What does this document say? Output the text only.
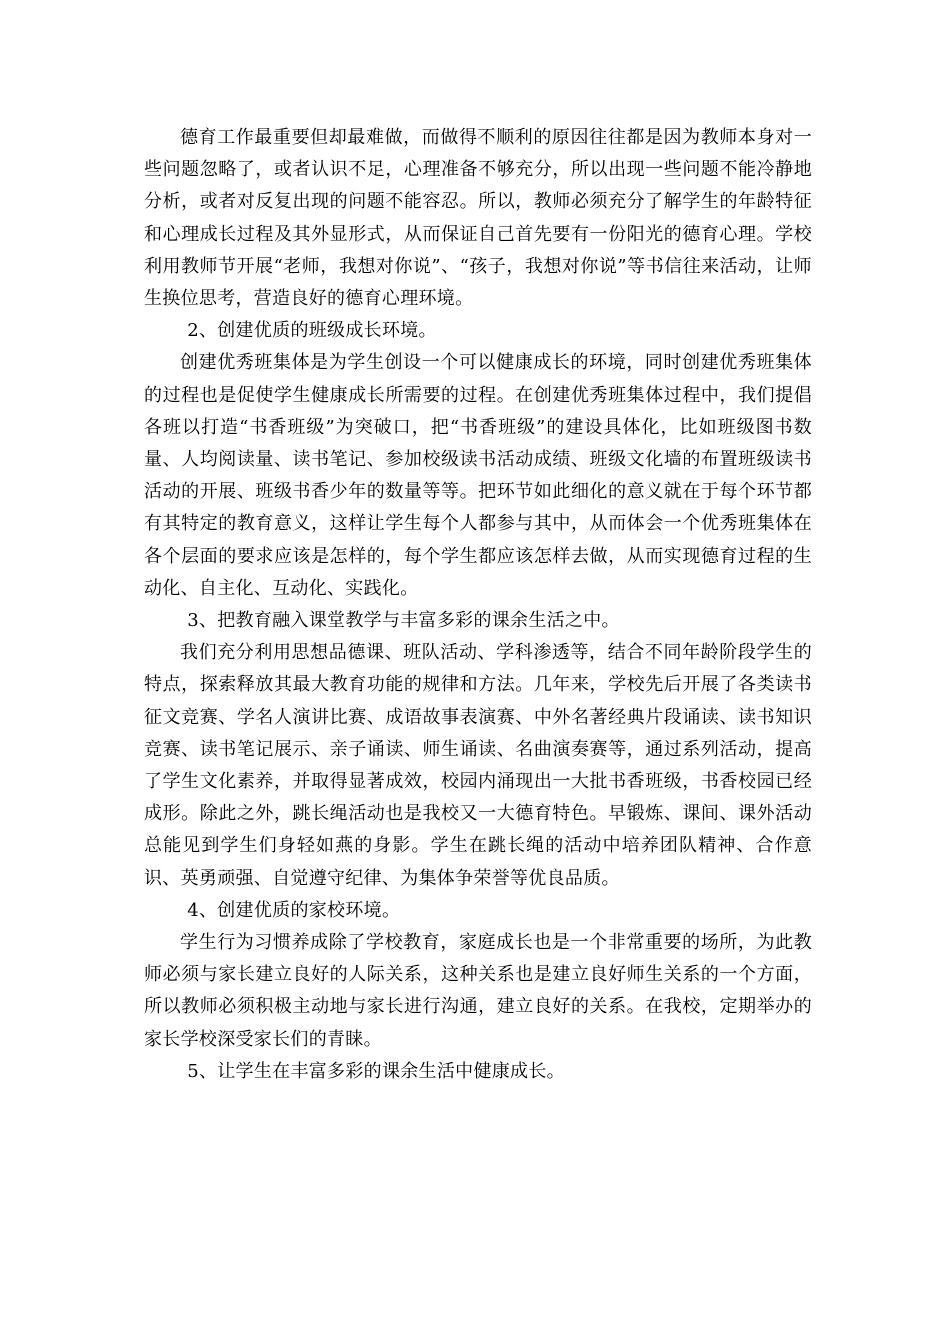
德育工作最重要但却最难做，而做得不顺利的原因往往都是因为教师本身对一些问题忽略了，或者认识不足，心理准备不够充分，所以出现一些问题不能冷静地分析，或者对反复出现的问题不能容忍。所以，教师必须充分了解学生的年龄特征和心理成长过程及其外显形式，从而保证自己首先要有一份阳光的德育心理。学校利用教师节开展“老师，我想对你说”、“孩子，我想对你说”等书信往来活动，让师生换位思考，营造良好的德育心理环境。

2、创建优质的班级成长环境。

创建优秀班集体是为学生创设一个可以健康成长的环境，同时创建优秀班集体的过程也是促使学生健康成长所需要的过程。在创建优秀班集体过程中，我们提倡各班以打造“书香班级”为突破口，把“书香班级”的建设具体化，比如班级图书数量、人均阅读量、读书笔记、参加校级读书活动成绩、班级文化墙的布置班级读书活动的开展、班级书香少年的数量等等。把环节如此细化的意义就在于每个环节都有其特定的教育意义，这样让学生每个人都参与其中，从而体会一个优秀班集体在各个层面的要求应该是怎样的，每个学生都应该怎样去做，从而实现德育过程的生动化、自主化、互动化、实践化。

3、把教育融入课堂教学与丰富多彩的课余生活之中。

我们充分利用思想品德课、班队活动、学科渗透等，结合不同年龄阶段学生的特点，探索释放其最大教育功能的规律和方法。几年来，学校先后开展了各类读书征文竞赛、学名人演讲比赛、成语故事表演赛、中外名著经典片段诵读、读书知识竞赛、读书笔记展示、亲子诵读、师生诵读、名曲演奏赛等，通过系列活动，提高了学生文化素养，并取得显著成效，校园内涌现出一大批书香班级，书香校园已经成形。除此之外，跳长绳活动也是我校又一大德育特色。早锻炼、课间、课外活动总能见到学生们身轻如燕的身影。学生在跳长绳的活动中培养团队精神、合作意识、英勇顽强、自觉遵守纪律、为集体争荣誉等优良品质。

4、创建优质的家校环境。

学生行为习惯养成除了学校教育，家庭成长也是一个非常重要的场所，为此教师必须与家长建立良好的人际关系，这种关系也是建立良好师生关系的一个方面，所以教师必须积极主动地与家长进行沟通，建立良好的关系。在我校，定期举办的家长学校深受家长们的青睐。

5、让学生在丰富多彩的课余生活中健康成长。
